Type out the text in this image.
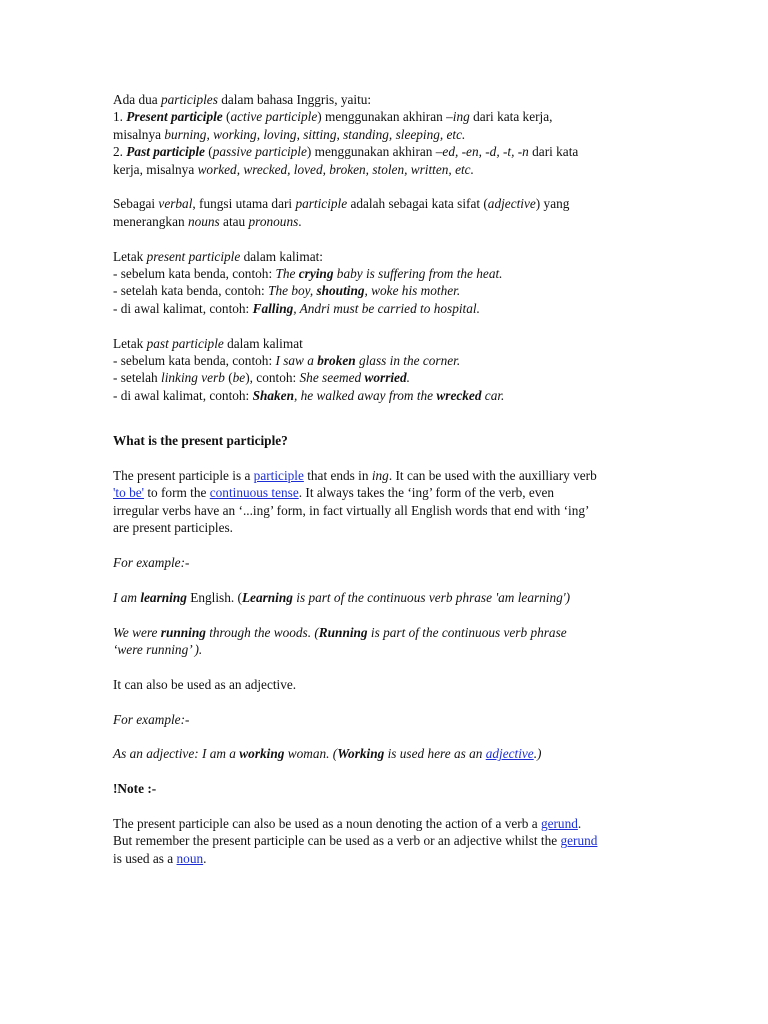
Ada dua participles dalam bahasa Inggris, yaitu:
1. Present participle (active participle) menggunakan akhiran –ing dari kata kerja,
misalnya burning, working, loving, sitting, standing, sleeping, etc.
2. Past participle (passive participle) menggunakan akhiran –ed, -en, -d, -t, -n dari kata
kerja, misalnya worked, wrecked, loved, broken, stolen, written, etc.
Sebagai verbal, fungsi utama dari participle adalah sebagai kata sifat (adjective) yang
menerangkan nouns atau pronouns.
Letak present participle dalam kalimat:
- sebelum kata benda, contoh: The crying baby is suffering from the heat.
- setelah kata benda, contoh: The boy, shouting, woke his mother.
- di awal kalimat, contoh: Falling, Andri must be carried to hospital.
Letak past participle dalam kalimat
- sebelum kata benda, contoh: I saw a broken glass in the corner.
- setelah linking verb (be), contoh: She seemed worried.
- di awal kalimat, contoh: Shaken, he walked away from the wrecked car.
What is the present participle?
The present participle is a participle that ends in ing. It can be used with the auxilliary verb
'to be' to form the continuous tense. It always takes the ‘ing’ form of the verb, even
irregular verbs have an ‘...ing’ form, in fact virtually all English words that end with ‘ing’
are present participles.
For example:-
I am learning English. (Learning is part of the continuous verb phrase 'am learning')
We were running through the woods. (Running is part of the continuous verb phrase
‘were running’ ).
It can also be used as an adjective.
For example:-
As an adjective: I am a working woman. (Working is used here as an adjective.)
!Note :-
The present participle can also be used as a noun denoting the action of a verb a gerund.
But remember the present participle can be used as a verb or an adjective whilst the gerund
is used as a noun.
